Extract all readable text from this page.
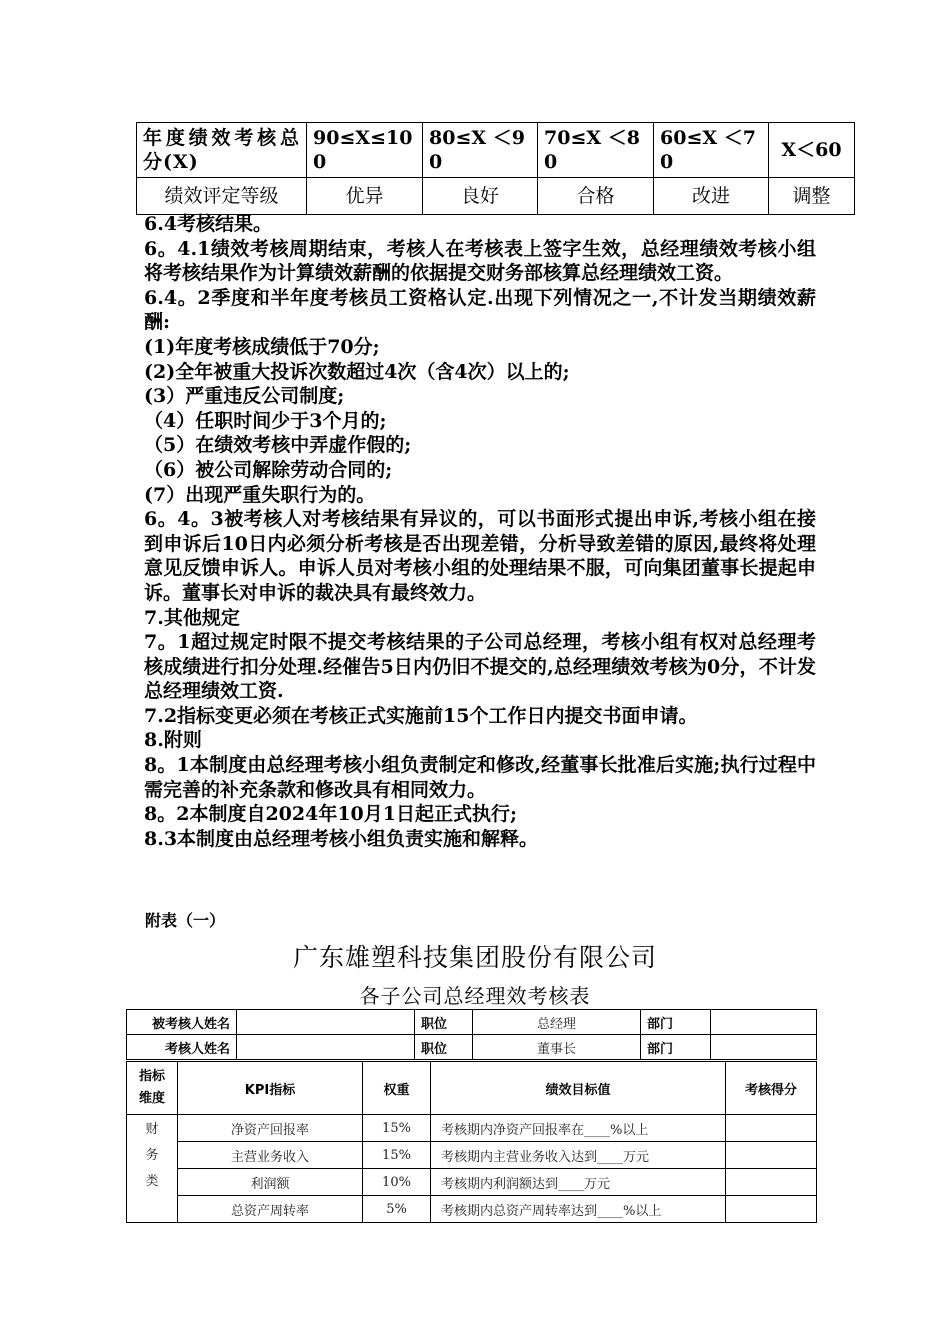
年度绩效考核总分(X)	90≤X≤100	80≤X ＜90	70≤X ＜80	60≤X ＜70	X＜60
绩效评定等级	优异	良好	合格	改进	调整

6.4考核结果。

6。4.1绩效考核周期结束，考核人在考核表上签字生效，总经理绩效考核小组将考核结果作为计算绩效薪酬的依据提交财务部核算总经理绩效工资。

6.4。2季度和半年度考核员工资格认定.出现下列情况之一,不计发当期绩效薪酬:

(1)年度考核成绩低于70分;

(2)全年被重大投诉次数超过4次（含4次）以上的;

(3）严重违反公司制度;

（4）任职时间少于3个月的;

（5）在绩效考核中弄虚作假的;

（6）被公司解除劳动合同的;

(7）出现严重失职行为的。

6。4。3被考核人对考核结果有异议的，可以书面形式提出申诉,考核小组在接到申诉后10日内必须分析考核是否出现差错，分析导致差错的原因,最终将处理意见反馈申诉人。申诉人员对考核小组的处理结果不服，可向集团董事长提起申诉。董事长对申诉的裁决具有最终效力。

7.其他规定

7。1超过规定时限不提交考核结果的子公司总经理，考核小组有权对总经理考核成绩进行扣分处理.经催告5日内仍旧不提交的,总经理绩效考核为0分，不计发总经理绩效工资.

7.2指标变更必须在考核正式实施前15个工作日内提交书面申请。

8.附则

8。1本制度由总经理考核小组负责制定和修改,经董事长批准后实施;执行过程中需完善的补充条款和修改具有相同效力。

8。2本制度自2024年10月1日起正式执行;

8.3本制度由总经理考核小组负责实施和解释。

附表（一）
广东雄塑科技集团股份有限公司
各子公司总经理效考核表
被考核人姓名		职位	总经理	部门	
考核人姓名		职位	董事长	部门	
指标
维度	KPI指标	权重	绩效目标值	考核得分

财
务
类	净资产回报率	15%	考核期内净资产回报率在____%以上	
	主营业务收入	15%	考核期内主营业务收入达到____万元	
	利润额	10%	考核期内利润额达到____万元	
	总资产周转率	5%	考核期内总资产周转率达到____%以上	
